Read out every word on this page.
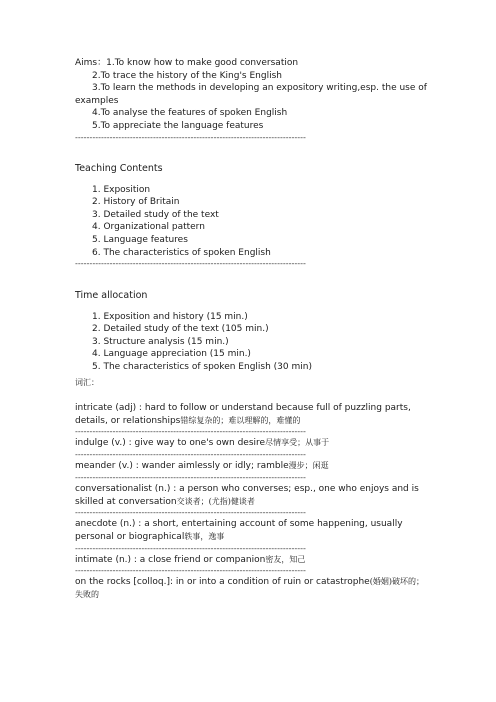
Aims：1.To know how to make good conversation
2.To trace the history of the King's English
3.To learn the methods in developing an expository writing,esp. the use of
examples
4.To analyse the features of spoken English
5.To appreciate the language features
--------------------------------------------------------------------------------
Teaching Contents
1. Exposition
2. History of Britain
3. Detailed study of the text
4. Organizational pattern
5. Language features
6. The characteristics of spoken English
--------------------------------------------------------------------------------
Time allocation
1. Exposition and history (15 min.)
2. Detailed study of the text (105 min.)
3. Structure analysis (15 min.)
4. Language appreciation (15 min.)
5. The characteristics of spoken English (30 min)
词汇：
intricate (adj) : hard to follow or understand because full of puzzling parts, details, or relationships错综复杂的；难以理解的，难懂的
--------------------------------------------------------------------------------
indulge (v.) : give way to one's own desire尽情享受；从事于
--------------------------------------------------------------------------------
meander (v.) : wander aimlessly or idly; ramble漫步；闲逛
--------------------------------------------------------------------------------
conversationalist (n.) : a person who converses; esp., one who enjoys and is skilled at conversation交谈者；(尤指)健谈者
--------------------------------------------------------------------------------
anecdote (n.) : a short, entertaining account of some happening, usually personal or biographical轶事，逸事
--------------------------------------------------------------------------------
intimate (n.) : a close friend or companion密友，知己
--------------------------------------------------------------------------------
on the rocks [colloq.]: in or into a condition of ruin or catastrophe(婚姻)破坏的；失败的
